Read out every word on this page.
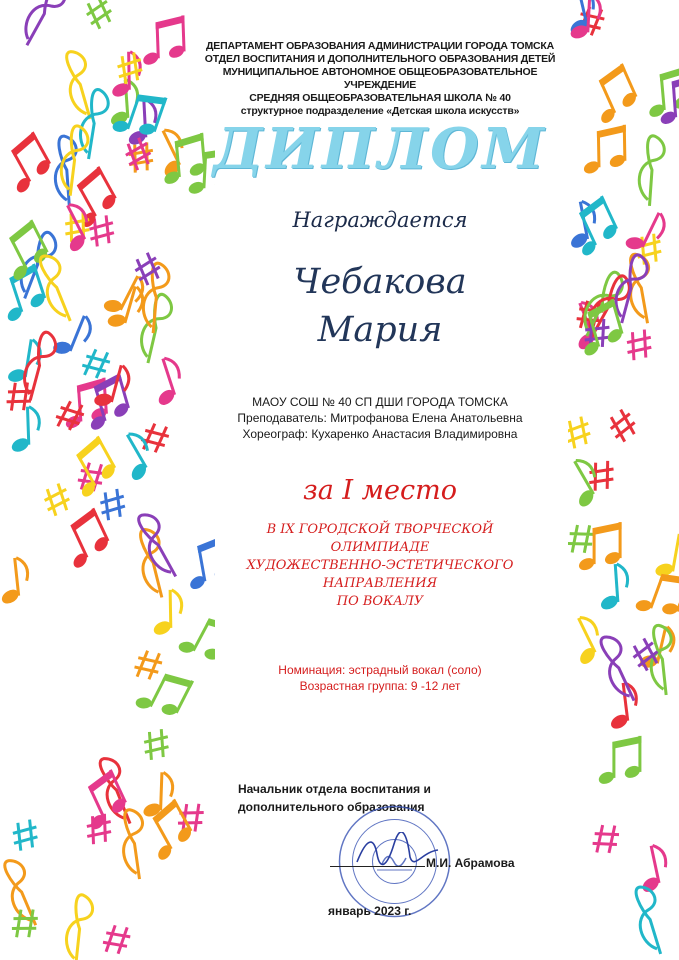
ДЕПАРТАМЕНТ ОБРАЗОВАНИЯ АДМИНИСТРАЦИИ ГОРОДА ТОМСКА
ОТДЕЛ ВОСПИТАНИЯ И ДОПОЛНИТЕЛЬНОГО ОБРАЗОВАНИЯ ДЕТЕЙ
МУНИЦИПАЛЬНОЕ АВТОНОМНОЕ ОБЩЕОБРАЗОВАТЕЛЬНОЕ УЧРЕЖДЕНИЕ
СРЕДНЯЯ ОБЩЕОБРАЗОВАТЕЛЬНАЯ ШКОЛА № 40
структурное подразделение «Детская школа искусств»
ДИПЛОМ
Награждается
Чебакова
Мария
МАОУ СОШ № 40 СП ДШИ ГОРОДА ТОМСКА
Преподаватель: Митрофанова Елена Анатольевна
Хореограф: Кухаренко Анастасия Владимировна
за I место
В IX ГОРОДСКОЙ ТВОРЧЕСКОЙ
ОЛИМПИАДЕ
ХУДОЖЕСТВЕННО-ЭСТЕТИЧЕСКОГО
НАПРАВЛЕНИЯ
ПО ВОКАЛУ
Номинация: эстрадный вокал (соло)
Возрастная группа: 9 -12 лет
Начальник отдела воспитания и
дополнительного образования
М.И. Абрамова
январь 2023 г.
